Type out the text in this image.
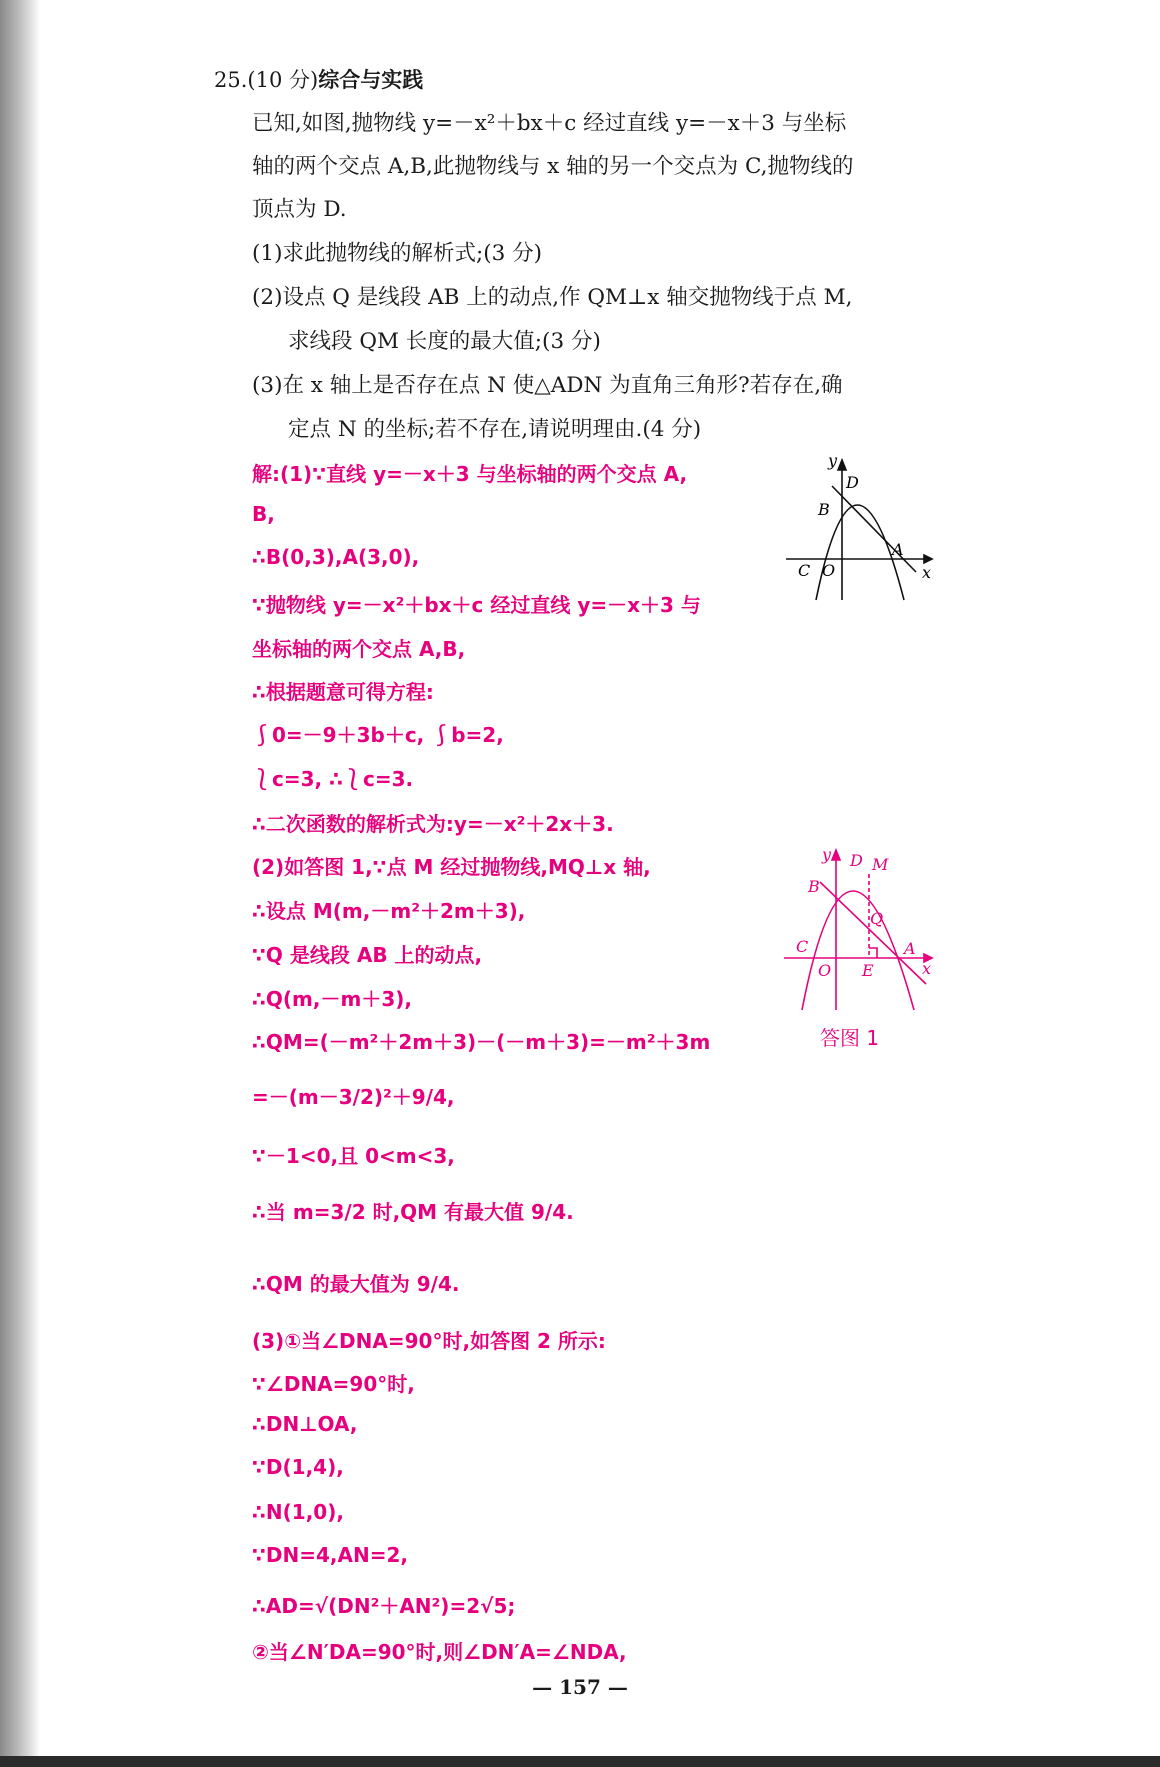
25.(10 分)综合与实践
已知,如图,抛物线 y=－x²＋bx＋c 经过直线 y=－x＋3 与坐标
轴的两个交点 A,B,此抛物线与 x 轴的另一个交点为 C,抛物线的
顶点为 D.
(1)求此抛物线的解析式;(3 分)
(2)设点 Q 是线段 AB 上的动点,作 QM⊥x 轴交抛物线于点 M,
求线段 QM 长度的最大值;(3 分)
(3)在 x 轴上是否存在点 N 使△ADN 为直角三角形?若存在,确
定点 N 的坐标;若不存在,请说明理由.(4 分)
解:(1)∵直线 y=－x＋3 与坐标轴的两个交点 A,
B,
∴B(0,3),A(3,0),
∵抛物线 y=－x²＋bx＋c 经过直线 y=－x＋3 与
坐标轴的两个交点 A,B,
∴根据题意可得方程:
⎰0=－9＋3b＋c, ⎰b=2,
⎱c=3, ∴⎱c=3.
∴二次函数的解析式为:y=－x²＋2x＋3.
(2)如答图 1,∵点 M 经过抛物线,MQ⊥x 轴,
∴设点 M(m,－m²＋2m＋3),
∵Q 是线段 AB 上的动点,
∴Q(m,－m＋3),
∴QM=(－m²＋2m＋3)－(－m＋3)=－m²＋3m
=－(m－3/2)²＋9/4,
∵－1<0,且 0<m<3,
∴当 m=3/2 时,QM 有最大值 9/4.
∴QM 的最大值为 9/4.
(3)①当∠DNA=90°时,如答图 2 所示:
∵∠DNA=90°时,
∴DN⊥OA,
∵D(1,4),
∴N(1,0),
∵DN=4,AN=2,
∴AD=√(DN²＋AN²)=2√5;
②当∠N′DA=90°时,则∠DN′A=∠NDA,
y
D
B
A
C O	x
y D M
B
Q
C	A
O E	x
答图 1
— 157 —
